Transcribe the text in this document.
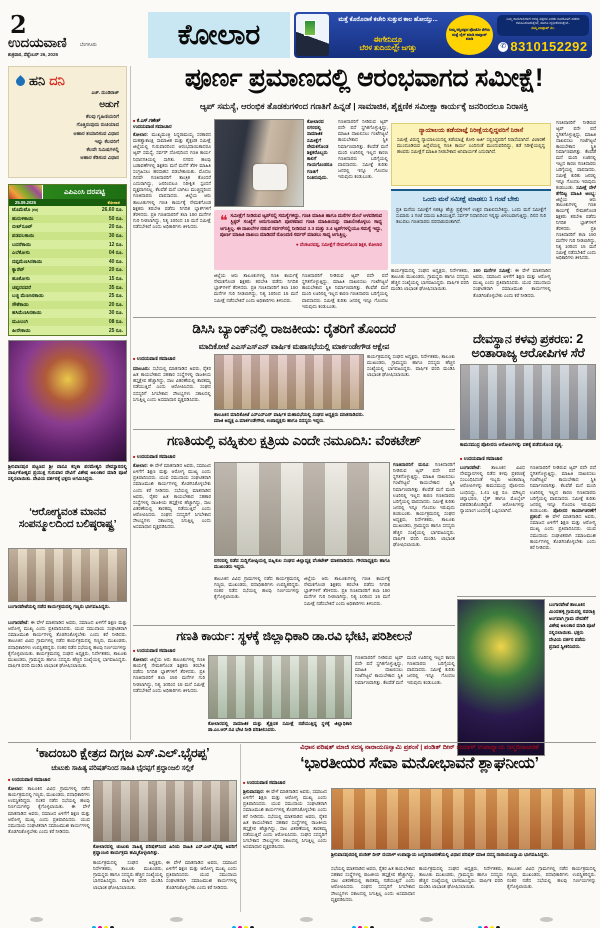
2
ಉದಯವಾಣಿ	ಬೆಂಗಳೂರು
ಶುಕ್ರವಾರ, ಸೆಪ್ಟೆಂಬರ್ 26, 2025
ಕೋಲಾರ	ಮತ್ತೆ ಕೊರೊನಾಕೆ ಕಚೇರಿ ಸುತ್ತುವ ಕಾಲ ಹೋಯ್ತು...
ಈಗೇನಿದ್ರೂ
ಬೆರಳ ತುದಿಯಲ್ಲೇ ಜಗತ್ತು
ನಿಮ್ಮ ಆಸ್ತಿಪತ್ರದ ಫೋಟೋ ತೆಗೆದು ಮತ್ತೆ ಲೈನ್ ಮಾಡಿ ವಾಟ್ಸಾಪ್ ಮಾಡಿ
ನಿಮ್ಮ ಕಾಮಗಾರಿಗಳಿಗೆ ಅಗತ್ಯ ಪತ್ರಗಳ ಎರಡು ದಿನದೊಳಗೆ ಪಡೆದು ಕಳುಹಿಸಿಕೊಡುತ್ತೇವೆ, ಹಾಗೂ ದೃಢೀಕರಿಸುತ್ತೇವೆ..
ನಮ್ಮ ವಾಟ್ಸಾಪ್ ನಂ.
✆ 8310152292
ಹನಿ ದನಿ
ಎಚ್. ದುಂಡಿರಾಜ್
ಅಡುಗೆ
ಕೆಲವು ಗೃಹಿಣಿಯರಿಗೆ
ಗೊತ್ತಿರುವುದು ರುಚಿಯಾದ
ಆಹಾರ ತಯಾರಿಸುವ ವಿಧಾನ
ಇನ್ನು ಕೆಲವರಿಗೆ
ಕೆಲವೇ ನಿಮಿಷಗಳಲ್ಲಿ
ಆಹಾರ ಕೆಡಿಸುವ ವಿಧಾನ
ಎಪಿಎಂಸಿ ದರಪಟ್ಟಿ
25.09.2025	ಕೋಲಾರ
ಟೊಮೆಟೊ (ಕೆಜಿ)	26.60 ರೂ.
ಹುರುಳಿಕಾಯಿ	50 ರೂ.
ಬೀಟ್‌ರೂಟ್	20 ರೂ.
ಪಡವಲಕಾಯಿ	30 ರೂ.
ಬದನೆಕಾಯಿ	12 ರೂ.
ಎಲೆಕೋಸು	04 ರೂ.
ದಪ್ಪಮೆಣಸಿನಕಾಯಿ	40 ರೂ.
ಕ್ಯಾರೆಟ್	20 ರೂ.
ಹೂಕೋಸು	15 ರೂ.
ಚಪ್ಪರದವರೆ	35 ರೂ.
ಬಜ್ಜಿ ಮೆಣಸಿನಕಾಯಿ	25 ರೂ.
ಸೌತೆಕಾಯಿ	20 ರೂ.
ಹಸಿಮೆಣಸಿನಕಾಯಿ	30 ರೂ.
ಮೂಲಂಗಿ	08 ರೂ.
ಹೀರೇಕಾಯಿ	25 ರೂ.
ಶ್ರೀನಿವಾಸಪುರ ಪಟ್ಟಣದ ಶ್ರೀ ವಾಸವಿ ಕನ್ನಿಕಾ ಪರಮೇಶ್ವರಿ ದೇವಸ್ಥಾನದಲ್ಲಿ ವಾರ್ಷಿಕೋತ್ಸವ ಪ್ರಯುಕ್ತ ಗುರುವಾರ ದೇವಿಗೆ ವಿಶೇಷ ಅಲಂಕಾರ ಮಾಡಿ ಪೂಜೆ ಸಲ್ಲಿಸಲಾಯಿತು. ದೇವಿಯ ದರ್ಶನಕ್ಕೆ ಭಕ್ತರು ಆಗಮಿಸಿದ್ದರು.
‘ಆರೋಗ್ಯವಂತ ಮಾನವ ಸಂಪನ್ಮೂಲದಿಂದ ಬಲಿಷ್ಠರಾಷ್ಟ್ರ’
ಬಂಗಾರಪೇಟೆಯಲ್ಲಿ ನಡೆದ ಕಾರ್ಯಕ್ರಮದಲ್ಲಿ ಗಣ್ಯರು ಭಾಗವಹಿಸಿದ್ದರು.
ಬಂಗಾರಪೇಟೆ: ಈ ವೇಳೆ ಮಾತನಾಡಿದ ಅವರು, ಸಮಾಜದ ಏಳಿಗೆಗೆ ಶಿಕ್ಷಣ ಮತ್ತು ಆರೋಗ್ಯ ಮುಖ್ಯ ಎಂದು ಪ್ರತಿಪಾದಿಸಿದರು. ಯುವ ಸಮುದಾಯ ಸಂಘಟಿತರಾಗಿ ಸಮಾಜಮುಖಿ ಕಾರ್ಯಗಳಲ್ಲಿ ತೊಡಗಿಸಿಕೊಳ್ಳಬೇಕು ಎಂದು ಕರೆ ನೀಡಿದರು. ತಾಲೂಕಿನ ವಿವಿಧ ಗ್ರಾಮಗಳಲ್ಲಿ ನಡೆದ ಕಾರ್ಯಕ್ರಮದಲ್ಲಿ ಗಣ್ಯರು, ಮುಖಂಡರು, ಪದಾಧಿಕಾರಿಗಳು ಉಪಸ್ಥಿತರಿದ್ದರು. ನಂತರ ನಡೆದ ಸಭೆಯಲ್ಲಿ ಹಲವು ನಿರ್ಣಯಗಳನ್ನು ಕೈಗೊಳ್ಳಲಾಯಿತು. ಕಾರ್ಯಕ್ರಮದಲ್ಲಿ ಸಂಘದ ಅಧ್ಯಕ್ಷರು, ನಿರ್ದೇಶಕರು, ತಾಲೂಕು ಮುಖಂಡರು, ಗ್ರಾಮಸ್ಥರು ಹಾಗೂ ಸದಸ್ಯರು ಹೆಚ್ಚಿನ ಸಂಖ್ಯೆಯಲ್ಲಿ ಭಾಗವಹಿಸಿದ್ದರು. ವಾರ್ಷಿಕ ವರದಿ ಮಂಡಿಸಿ ಲಾಭಾಂಶ ಘೋಷಿಸಲಾಯಿತು.
ಪೂರ್ಣ ಪ್ರಮಾಣದಲ್ಲಿ ಆರಂಭವಾಗದ ಸಮೀಕ್ಷೆ!
ಆ್ಯಪ್ ಸಮಸ್ಯೆ, ಆರಂಭಿಕ ತೊಡಕುಗಳಿಂದ ಗಣತಿಗೆ ಹಿನ್ನಡೆ | ಸಾಮಾಜಿಕ, ಶೈಕ್ಷಣಿಕ ಸಮೀಕ್ಷಾ ಕಾರ್ಯಕ್ಕೆ ಜನರಿಂದಲೂ ನಿರಾಸಕ್ತಿ
■ ಕೆ.ಎಸ್.ಗಣೇಶ್
ಉದಯವಾಣಿ ಸಮಾಚಾರ
ಕೋಲಾರ: ಮುಖ್ಯಮಂತ್ರಿ ಸಿದ್ದರಾಮಯ್ಯ ಸರಕಾರದ ಮಹತ್ವಾಕಾಂಕ್ಷಿ ಸಾಮಾಜಿಕ ಮತ್ತು ಶೈಕ್ಷಣಿಕ ಸಮೀಕ್ಷೆ ಜಿಲ್ಲೆಯಲ್ಲಿ ಗುರುವಾರದಿಂದ ಆರಂಭವಾಯಿತಾದರೂ ಆ್ಯಪ್ ಸಮಸ್ಯೆ, ಸರ್ವರ್ ದೋಷದಿಂದ ಗಣತಿ ಕಾರ್ಯ ನಿಧಾನಗತಿಯಲ್ಲಿ ಸಾಗಿತು. ನಗರದ ಹಲವು ಬಡಾವಣೆಗಳಲ್ಲಿ ಶಿಕ್ಷಕರು ಮನೆ ಮನೆಗೆ ತೆರಳಿ ಮಾಹಿತಿ ಸಂಗ್ರಹಿಸಲು ಹರಸಾಹಸ ಪಡಬೇಕಾಯಿತು. ಮೊದಲ ದಿನವೇ ಗಣತಿದಾರರಿಗೆ ತಾಂತ್ರಿಕ ತೊಂದರೆ ಎದುರಾಗಿದ್ದು, ಜನರಿಂದಲೂ ನಿರೀಕ್ಷಿತ ಸ್ಪಂದನೆ ವ್ಯಕ್ತವಾಗಲಿಲ್ಲ. ಕೆಲವೆಡೆ ಮನೆ ಬಾಗಿಲು ಮುಚ್ಚಿದ್ದರಿಂದ ಗಣತಿದಾರರು ವಾಪಸಾದರು. ಜಿಲ್ಲೆಯ ಆರು ತಾಲೂಕುಗಳಲ್ಲಿ ಗಣತಿ ಕಾರ್ಯಕ್ಕೆ ನೇಮಕಗೊಂಡ ಶಿಕ್ಷಕರು ತರಬೇತಿ ಪಡೆದು ನಿಗದಿತ ಬ್ಲಾಕ್‌ಗಳಿಗೆ ತೆರಳಿದರು. ಪ್ರತಿ ಗಣತಿದಾರರಿಗೆ ತಲಾ 150 ಮನೆಗಳ ಗುರಿ ನೀಡಲಾಗಿದ್ದು, ನಿತ್ಯ 10ರಿಂದ 15 ಮನೆ ಸಮೀಕ್ಷೆ ನಡೆಸಬೇಕಿದೆ ಎಂದು ಅಧಿಕಾರಿಗಳು ತಿಳಿಸಿದರು.
ಕೋಲಾರದ ನಗರದಲ್ಲಿ ಸಾಮಾಜಿಕ ಸಮೀಕ್ಷೆಗೆ ನೇಮಕಗೊಂಡ ಶಿಕ್ಷಕರೊಬ್ಬರು ಕಾಲಿಗೆ ಗಾಯಗೊಂಡರೂ ಗಣತಿಗೆ ನಿಂತಿರುವುದು.
ಗಣತಿದಾರರಿಗೆ ನೀಡಿರುವ ಆ್ಯಪ್ ಪದೇ ಪದೆ ಸ್ಥಗಿತಗೊಳ್ಳುತ್ತಿದ್ದು, ಮಾಹಿತಿ ದಾಖಲಿಸಲು ಗಂಟೆಗಟ್ಟಲೆ ಕಾಯಬೇಕಾದ ಸ್ಥಿತಿ ನಿರ್ಮಾಣವಾಗಿತ್ತು. ಕೆಲವೆಡೆ ಮನೆ ಮಂದಿ ಊರಿನಲ್ಲಿ ಇಲ್ಲದ ಕಾರಣ ಗಣತಿದಾರರು ಬರಿಗೈಯಲ್ಲಿ ವಾಪಸಾದರು. ಸಮೀಕ್ಷೆ ಕುರಿತು ಜನರಲ್ಲಿ ಇನ್ನೂ ಗೊಂದಲ ಇರುವುದು ಕಂಡುಬಂತು.
❝ ಸಮೀಕ್ಷೆಗೆ ನೀಡಿರುವ ಆ್ಯಪ್‌ನಲ್ಲಿ ಸಮಸ್ಯೆಗಳಿದ್ದು, ಗಣತಿ ಮಾಹಿತಿ ಹಾಗೂ ಮನೆಗಳ ಮೇಲೆ ಅಳವಡಿಸುವ ಸ್ಟಿಕ್ಕರ್ ಸಂಖ್ಯೆಗೆ ಅನುಗುಣವಾಗಿ ಪೂರಕವಾದ ಗಣತಿ ಮಾಹಿತಿಯನ್ನು ದಾಖಲಿಸಿಕೊಳ್ಳಲು ಸಾಧ್ಯ ಆಗುತ್ತಿಲ್ಲ. ಈ ದಾಖಲೆಗಳ ನಡುವೆ ಸರ್ವರ್‌ನಲ್ಲಿ ನೀಡಿರುವ 3.3 ಮತ್ತು 3.4 ಆ್ಯಪ್‌ಗಳಲ್ಲಿಯೂ ಸಮಸ್ಯೆ ಇದ್ದು, ಪೂರ್ಣ ಮಾಹಿತಿ ದಾಖಲು ಮಾಡಿದರೆ ನೋಂದಣಿ ಸರ್ವರ್ ಮಾಡಲು ಸಾಧ್ಯ ಆಗುತ್ತಿಲ್ಲ.
● ವೆಂಕಟರವಪ್ಪ, ಸಮೀಕ್ಷೆಗೆ ನೇಮಕಗೊಂಡ ಶಿಕ್ಷಕ, ಕೋಲಾರ
ಜಿಲ್ಲೆಯ ಆರು ತಾಲೂಕುಗಳಲ್ಲಿ ಗಣತಿ ಕಾರ್ಯಕ್ಕೆ ನೇಮಕಗೊಂಡ ಶಿಕ್ಷಕರು ತರಬೇತಿ ಪಡೆದು ನಿಗದಿತ ಬ್ಲಾಕ್‌ಗಳಿಗೆ ತೆರಳಿದರು. ಪ್ರತಿ ಗಣತಿದಾರರಿಗೆ ತಲಾ 150 ಮನೆಗಳ ಗುರಿ ನೀಡಲಾಗಿದ್ದು, ನಿತ್ಯ 10ರಿಂದ 15 ಮನೆ ಸಮೀಕ್ಷೆ ನಡೆಸಬೇಕಿದೆ ಎಂದು ಅಧಿಕಾರಿಗಳು ತಿಳಿಸಿದರು.
ಗಣತಿದಾರರಿಗೆ ನೀಡಿರುವ ಆ್ಯಪ್ ಪದೇ ಪದೆ ಸ್ಥಗಿತಗೊಳ್ಳುತ್ತಿದ್ದು, ಮಾಹಿತಿ ದಾಖಲಿಸಲು ಗಂಟೆಗಟ್ಟಲೆ ಕಾಯಬೇಕಾದ ಸ್ಥಿತಿ ನಿರ್ಮಾಣವಾಗಿತ್ತು. ಕೆಲವೆಡೆ ಮನೆ ಮಂದಿ ಊರಿನಲ್ಲಿ ಇಲ್ಲದ ಕಾರಣ ಗಣತಿದಾರರು ಬರಿಗೈಯಲ್ಲಿ ವಾಪಸಾದರು. ಸಮೀಕ್ಷೆ ಕುರಿತು ಜನರಲ್ಲಿ ಇನ್ನೂ ಗೊಂದಲ ಇರುವುದು ಕಂಡುಬಂತು.
ನ್ಯಾಯಾಲಯ ತಡೆಯಾಜ್ಞೆ ನಿರೀಕ್ಷೆಯಲ್ಲಿದ್ದವರಿಗೆ ನಿರಾಸೆ
ಸಮೀಕ್ಷೆ ವಿರುದ್ಧ ನ್ಯಾಯಾಲಯದಲ್ಲಿ ತಡೆಯಾಜ್ಞೆ ಕೋರಿ ಅರ್ಜಿ ಸಲ್ಲಿಸಿದ್ದವರಿಗೆ ನಿರಾಸೆಯಾಗಿದೆ. ವಿಚಾರಣೆ ಮುಂದೂಡಿರುವ ಹಿನ್ನೆಲೆಯಲ್ಲಿ ಗಣತಿ ಕಾರ್ಯ ಎಂದಿನಂತೆ ಮುಂದುವರಿದಿದ್ದು, ತಡೆ ನಿರೀಕ್ಷೆಯಲ್ಲಿದ್ದ ಹಲವರು ಸಮೀಕ್ಷೆಗೆ ಮಾಹಿತಿ ನೀಡಬೇಕಾದ ಅನಿವಾರ್ಯತೆ ಎದುರಾಗಿದೆ.
ಒಂದು ಮನೆ ಸಮೀಕ್ಷೆ ಮಾಡಲು 1 ಗಂಟೆ ಬೇಕು
ಪ್ರತಿ ಮನೆಯ ಸಮೀಕ್ಷೆಗೆ 60ಕ್ಕೂ ಹೆಚ್ಚು ಪ್ರಶ್ನೆಗಳಿಗೆ ಉತ್ತರ ದಾಖಲಿಸಬೇಕಿದ್ದು, ಒಂದು ಮನೆ ಸಮೀಕ್ಷೆಗೆ ಸುಮಾರು 1 ಗಂಟೆ ಸಮಯ ಹಿಡಿಯುತ್ತಿದೆ. ಸರ್ವರ್ ನಿಧಾನದಿಂದ ಇನ್ನಷ್ಟು ವಿಳಂಬವಾಗುತ್ತಿದ್ದು, ದಿನದ ಗುರಿ ತಲುಪಲು ಗಣತಿದಾರರು ಪರದಾಡುವಂತಾಗಿದೆ.
ಕಾರ್ಯಕ್ರಮದಲ್ಲಿ ಸಂಘದ ಅಧ್ಯಕ್ಷರು, ನಿರ್ದೇಶಕರು, ತಾಲೂಕು ಮುಖಂಡರು, ಗ್ರಾಮಸ್ಥರು ಹಾಗೂ ಸದಸ್ಯರು ಹೆಚ್ಚಿನ ಸಂಖ್ಯೆಯಲ್ಲಿ ಭಾಗವಹಿಸಿದ್ದರು. ವಾರ್ಷಿಕ ವರದಿ ಮಂಡಿಸಿ ಲಾಭಾಂಶ ಘೋಷಿಸಲಾಯಿತು.
150 ಮನೆಗಳ ಸಮೀಕ್ಷೆ: ಈ ವೇಳೆ ಮಾತನಾಡಿದ ಅವರು, ಸಮಾಜದ ಏಳಿಗೆಗೆ ಶಿಕ್ಷಣ ಮತ್ತು ಆರೋಗ್ಯ ಮುಖ್ಯ ಎಂದು ಪ್ರತಿಪಾದಿಸಿದರು. ಯುವ ಸಮುದಾಯ ಸಂಘಟಿತರಾಗಿ ಸಮಾಜಮುಖಿ ಕಾರ್ಯಗಳಲ್ಲಿ ತೊಡಗಿಸಿಕೊಳ್ಳಬೇಕು ಎಂದು ಕರೆ ನೀಡಿದರು.
ಗಣತಿದಾರರಿಗೆ ನೀಡಿರುವ ಆ್ಯಪ್ ಪದೇ ಪದೆ ಸ್ಥಗಿತಗೊಳ್ಳುತ್ತಿದ್ದು, ಮಾಹಿತಿ ದಾಖಲಿಸಲು ಗಂಟೆಗಟ್ಟಲೆ ಕಾಯಬೇಕಾದ ಸ್ಥಿತಿ ನಿರ್ಮಾಣವಾಗಿತ್ತು. ಕೆಲವೆಡೆ ಮನೆ ಮಂದಿ ಊರಿನಲ್ಲಿ ಇಲ್ಲದ ಕಾರಣ ಗಣತಿದಾರರು ಬರಿಗೈಯಲ್ಲಿ ವಾಪಸಾದರು. ಸಮೀಕ್ಷೆ ಕುರಿತು ಜನರಲ್ಲಿ ಇನ್ನೂ ಗೊಂದಲ ಇರುವುದು ಕಂಡುಬಂತು. ಸಮೀಕ್ಷೆ ವೇಳೆ ತೆಗೆದಿಟ್ಟ ಮಾಹಿತಿ ಅಲಭ್ಯ: ಜಿಲ್ಲೆಯ ಆರು ತಾಲೂಕುಗಳಲ್ಲಿ ಗಣತಿ ಕಾರ್ಯಕ್ಕೆ ನೇಮಕಗೊಂಡ ಶಿಕ್ಷಕರು ತರಬೇತಿ ಪಡೆದು ನಿಗದಿತ ಬ್ಲಾಕ್‌ಗಳಿಗೆ ತೆರಳಿದರು. ಪ್ರತಿ ಗಣತಿದಾರರಿಗೆ ತಲಾ 150 ಮನೆಗಳ ಗುರಿ ನೀಡಲಾಗಿದ್ದು, ನಿತ್ಯ 10ರಿಂದ 15 ಮನೆ ಸಮೀಕ್ಷೆ ನಡೆಸಬೇಕಿದೆ ಎಂದು ಅಧಿಕಾರಿಗಳು ತಿಳಿಸಿದರು.
ಡಿಸಿಸಿ ಬ್ಯಾಂಕ್‌ನಲ್ಲಿ ರಾಜಕೀಯ: ರೈತರಿಗೆ ತೊಂದರೆ
ಮಾದಿಕೋಟೆ ಎಎಸ್‌ಎಸ್‌ಎನ್ ವಾರ್ಷಿಕ ಮಹಾಸಭೆಯಲ್ಲಿ ಮಾರ್ಕಂಡೇಗೌಡ ಆಕ್ಷೇಪ
■ ಉದಯವಾಣಿ ಸಮಾಚಾರ
ಮಾಲೂರು: ಸಭೆಯಲ್ಲಿ ಮಾತನಾಡಿದ ಅವರು, ರೈತರ ಹಿತ ಕಾಯಬೇಕಾದ ಸಹಕಾರ ಸಂಸ್ಥೆಗಳಲ್ಲಿ ರಾಜಕೀಯ ಹಸ್ತಕ್ಷೇಪ ಹೆಚ್ಚಾಗಿದ್ದು, ಸಾಲ ವಿತರಣೆಯಲ್ಲಿ ತಾರತಮ್ಯ ನಡೆಯುತ್ತಿದೆ ಎಂದು ಆರೋಪಿಸಿದರು. ಸಂಘದ ಸದಸ್ಯರಿಗೆ ಸಿಗಬೇಕಾದ ಸೌಲಭ್ಯಗಳು ಸಕಾಲದಲ್ಲಿ ಸಿಗುತ್ತಿಲ್ಲ ಎಂದು ಅಸಮಾಧಾನ ವ್ಯಕ್ತಪಡಿಸಿದರು.
ತಾಲೂಕಿನ ಮಾದಿಕೋಟೆ ಎಸ್‌ಎಸ್‌ಎನ್ ವಾರ್ಷಿಕ ಮಹಾಸಭೆಯಲ್ಲಿ ಸಂಘದ ಅಧ್ಯಕ್ಷರು ಮಾತನಾಡಿದರು. ಮಾಜಿ ಅಧ್ಯಕ್ಷ ಎ.ಮಾರ್ಕಂಡೇಗೌಡ, ಉಪಾಧ್ಯಕ್ಷರು ಹಾಗೂ ಸದಸ್ಯರು ಇದ್ದರು.
ಕಾರ್ಯಕ್ರಮದಲ್ಲಿ ಸಂಘದ ಅಧ್ಯಕ್ಷರು, ನಿರ್ದೇಶಕರು, ತಾಲೂಕು ಮುಖಂಡರು, ಗ್ರಾಮಸ್ಥರು ಹಾಗೂ ಸದಸ್ಯರು ಹೆಚ್ಚಿನ ಸಂಖ್ಯೆಯಲ್ಲಿ ಭಾಗವಹಿಸಿದ್ದರು. ವಾರ್ಷಿಕ ವರದಿ ಮಂಡಿಸಿ ಲಾಭಾಂಶ ಘೋಷಿಸಲಾಯಿತು.
ದೇವಸ್ಥಾನ ಕಳವು ಪ್ರಕರಣ: 2 ಅಂತಾರಾಜ್ಯ ಆರೋಪಿಗಳ ಸೆರೆ
ಕಾಮಸಮುದ್ರ ಪೊಲೀಸರು ಆರೋಪಿಗಳನ್ನು ವಶಕ್ಕೆ ಪಡೆದುಕೊಂಡ ದೃಶ್ಯ.
■ ಉದಯವಾಣಿ ಸಮಾಚಾರ
ಬಂಗಾರಪೇಟೆ: ತಾಲೂಕಿನ ವಿವಿಧ ದೇವಸ್ಥಾನಗಳಲ್ಲಿ ನಡೆದ ಕಳವು ಪ್ರಕರಣಕ್ಕೆ ಸಂಬಂಧಿಸಿದಂತೆ ಇಬ್ಬರು ಅಂತಾರಾಜ್ಯ ಆರೋಪಿಗಳನ್ನು ಕಾಮಸಮುದ್ರ ಪೊಲೀಸರು ಬಂಧಿಸಿದ್ದು, 1.41 ಲಕ್ಷ ರೂ. ಮೌಲ್ಯದ ಚಿನ್ನಾಭರಣ, ಬೈಕ್ ಹಾಗೂ ಮೊಬೈಲ್ ವಶಪಡಿಸಿಕೊಂಡಿದ್ದಾರೆ. ಆರೋಪಿಗಳನ್ನು ನ್ಯಾಯಾಂಗ ಬಂಧನಕ್ಕೆ ಒಪ್ಪಿಸಲಾಗಿದೆ.
ಗಣತಿದಾರರಿಗೆ ನೀಡಿರುವ ಆ್ಯಪ್ ಪದೇ ಪದೆ ಸ್ಥಗಿತಗೊಳ್ಳುತ್ತಿದ್ದು, ಮಾಹಿತಿ ದಾಖಲಿಸಲು ಗಂಟೆಗಟ್ಟಲೆ ಕಾಯಬೇಕಾದ ಸ್ಥಿತಿ ನಿರ್ಮಾಣವಾಗಿತ್ತು. ಕೆಲವೆಡೆ ಮನೆ ಮಂದಿ ಊರಿನಲ್ಲಿ ಇಲ್ಲದ ಕಾರಣ ಗಣತಿದಾರರು ಬರಿಗೈಯಲ್ಲಿ ವಾಪಸಾದರು. ಸಮೀಕ್ಷೆ ಕುರಿತು ಜನರಲ್ಲಿ ಇನ್ನೂ ಗೊಂದಲ ಇರುವುದು ಕಂಡುಬಂತು. ಪೊಲೀಸರ ಕಾರ್ಯಾಚರಣೆಗೆ ಪ್ರಶಂಸೆ: ಈ ವೇಳೆ ಮಾತನಾಡಿದ ಅವರು, ಸಮಾಜದ ಏಳಿಗೆಗೆ ಶಿಕ್ಷಣ ಮತ್ತು ಆರೋಗ್ಯ ಮುಖ್ಯ ಎಂದು ಪ್ರತಿಪಾದಿಸಿದರು. ಯುವ ಸಮುದಾಯ ಸಂಘಟಿತರಾಗಿ ಸಮಾಜಮುಖಿ ಕಾರ್ಯಗಳಲ್ಲಿ ತೊಡಗಿಸಿಕೊಳ್ಳಬೇಕು ಎಂದು ಕರೆ ನೀಡಿದರು.
ಗಣತಿಯಲ್ಲಿ ವಹ್ನಿಕುಲ ಕ್ಷತ್ರಿಯ ಎಂದೇ ನಮೂದಿಸಿ: ವೆಂಕಟೇಶ್
■ ಉದಯವಾಣಿ ಸಮಾಚಾರ
ಕೋಲಾರ: ಈ ವೇಳೆ ಮಾತನಾಡಿದ ಅವರು, ಸಮಾಜದ ಏಳಿಗೆಗೆ ಶಿಕ್ಷಣ ಮತ್ತು ಆರೋಗ್ಯ ಮುಖ್ಯ ಎಂದು ಪ್ರತಿಪಾದಿಸಿದರು. ಯುವ ಸಮುದಾಯ ಸಂಘಟಿತರಾಗಿ ಸಮಾಜಮುಖಿ ಕಾರ್ಯಗಳಲ್ಲಿ ತೊಡಗಿಸಿಕೊಳ್ಳಬೇಕು ಎಂದು ಕರೆ ನೀಡಿದರು. ಸಭೆಯಲ್ಲಿ ಮಾತನಾಡಿದ ಅವರು, ರೈತರ ಹಿತ ಕಾಯಬೇಕಾದ ಸಹಕಾರ ಸಂಸ್ಥೆಗಳಲ್ಲಿ ರಾಜಕೀಯ ಹಸ್ತಕ್ಷೇಪ ಹೆಚ್ಚಾಗಿದ್ದು, ಸಾಲ ವಿತರಣೆಯಲ್ಲಿ ತಾರತಮ್ಯ ನಡೆಯುತ್ತಿದೆ ಎಂದು ಆರೋಪಿಸಿದರು. ಸಂಘದ ಸದಸ್ಯರಿಗೆ ಸಿಗಬೇಕಾದ ಸೌಲಭ್ಯಗಳು ಸಕಾಲದಲ್ಲಿ ಸಿಗುತ್ತಿಲ್ಲ ಎಂದು ಅಸಮಾಧಾನ ವ್ಯಕ್ತಪಡಿಸಿದರು.
ನಗರದಲ್ಲಿ ನಡೆದ ಸುದ್ದಿಗೋಷ್ಠಿಯಲ್ಲಿ ವಹ್ನಿಕುಲ ಸಂಘದ ಜಿಲ್ಲಾಧ್ಯಕ್ಷ ವೆಂಕಟೇಶ್ ಮಾತನಾಡಿದರು. ಗೌರವಾಧ್ಯಕ್ಷರು ಹಾಗೂ ಮುಖಂಡರು ಇದ್ದರು.
ತಾಲೂಕಿನ ವಿವಿಧ ಗ್ರಾಮಗಳಲ್ಲಿ ನಡೆದ ಕಾರ್ಯಕ್ರಮದಲ್ಲಿ ಗಣ್ಯರು, ಮುಖಂಡರು, ಪದಾಧಿಕಾರಿಗಳು ಉಪಸ್ಥಿತರಿದ್ದರು. ನಂತರ ನಡೆದ ಸಭೆಯಲ್ಲಿ ಹಲವು ನಿರ್ಣಯಗಳನ್ನು ಕೈಗೊಳ್ಳಲಾಯಿತು.
ಜಿಲ್ಲೆಯ ಆರು ತಾಲೂಕುಗಳಲ್ಲಿ ಗಣತಿ ಕಾರ್ಯಕ್ಕೆ ನೇಮಕಗೊಂಡ ಶಿಕ್ಷಕರು ತರಬೇತಿ ಪಡೆದು ನಿಗದಿತ ಬ್ಲಾಕ್‌ಗಳಿಗೆ ತೆರಳಿದರು. ಪ್ರತಿ ಗಣತಿದಾರರಿಗೆ ತಲಾ 150 ಮನೆಗಳ ಗುರಿ ನೀಡಲಾಗಿದ್ದು, ನಿತ್ಯ 10ರಿಂದ 15 ಮನೆ ಸಮೀಕ್ಷೆ ನಡೆಸಬೇಕಿದೆ ಎಂದು ಅಧಿಕಾರಿಗಳು ತಿಳಿಸಿದರು.
ಗಣತಿದಾರರಿಗೆ ಮನವಿ: ಗಣತಿದಾರರಿಗೆ ನೀಡಿರುವ ಆ್ಯಪ್ ಪದೇ ಪದೆ ಸ್ಥಗಿತಗೊಳ್ಳುತ್ತಿದ್ದು, ಮಾಹಿತಿ ದಾಖಲಿಸಲು ಗಂಟೆಗಟ್ಟಲೆ ಕಾಯಬೇಕಾದ ಸ್ಥಿತಿ ನಿರ್ಮಾಣವಾಗಿತ್ತು. ಕೆಲವೆಡೆ ಮನೆ ಮಂದಿ ಊರಿನಲ್ಲಿ ಇಲ್ಲದ ಕಾರಣ ಗಣತಿದಾರರು ಬರಿಗೈಯಲ್ಲಿ ವಾಪಸಾದರು. ಸಮೀಕ್ಷೆ ಕುರಿತು ಜನರಲ್ಲಿ ಇನ್ನೂ ಗೊಂದಲ ಇರುವುದು ಕಂಡುಬಂತು. ಕಾರ್ಯಕ್ರಮದಲ್ಲಿ ಸಂಘದ ಅಧ್ಯಕ್ಷರು, ನಿರ್ದೇಶಕರು, ತಾಲೂಕು ಮುಖಂಡರು, ಗ್ರಾಮಸ್ಥರು ಹಾಗೂ ಸದಸ್ಯರು ಹೆಚ್ಚಿನ ಸಂಖ್ಯೆಯಲ್ಲಿ ಭಾಗವಹಿಸಿದ್ದರು. ವಾರ್ಷಿಕ ವರದಿ ಮಂಡಿಸಿ ಲಾಭಾಂಶ ಘೋಷಿಸಲಾಯಿತು.
ಗಣತಿ ಕಾರ್ಯ: ಸ್ಥಳಕ್ಕೆ ಜಿಲ್ಲಾಧಿಕಾರಿ ಡಾ.ರವಿ ಭೇಟಿ, ಪರಿಶೀಲನೆ
■ ಉದಯವಾಣಿ ಸಮಾಚಾರ
ಕೋಲಾರ: ಜಿಲ್ಲೆಯ ಆರು ತಾಲೂಕುಗಳಲ್ಲಿ ಗಣತಿ ಕಾರ್ಯಕ್ಕೆ ನೇಮಕಗೊಂಡ ಶಿಕ್ಷಕರು ತರಬೇತಿ ಪಡೆದು ನಿಗದಿತ ಬ್ಲಾಕ್‌ಗಳಿಗೆ ತೆರಳಿದರು. ಪ್ರತಿ ಗಣತಿದಾರರಿಗೆ ತಲಾ 150 ಮನೆಗಳ ಗುರಿ ನೀಡಲಾಗಿದ್ದು, ನಿತ್ಯ 10ರಿಂದ 15 ಮನೆ ಸಮೀಕ್ಷೆ ನಡೆಸಬೇಕಿದೆ ಎಂದು ಅಧಿಕಾರಿಗಳು ತಿಳಿಸಿದರು.
ಕೋಲಾರದಲ್ಲಿ ಸಾಮಾಜಿಕ ಮತ್ತು ಶೈಕ್ಷಣಿಕ ಸಮೀಕ್ಷೆ ನಡೆಯುತ್ತಿದ್ದ ಸ್ಥಳಕ್ಕೆ ಜಿಲ್ಲಾಧಿಕಾರಿ ಡಾ.ಎಂ.ಆರ್.ರವಿ ಭೇಟಿ ನೀಡಿ ಪರಿಶೀಲಿಸಿದರು.
ಗಣತಿದಾರರಿಗೆ ನೀಡಿರುವ ಆ್ಯಪ್ ಪದೇ ಪದೆ ಸ್ಥಗಿತಗೊಳ್ಳುತ್ತಿದ್ದು, ಮಾಹಿತಿ ದಾಖಲಿಸಲು ಗಂಟೆಗಟ್ಟಲೆ ಕಾಯಬೇಕಾದ ಸ್ಥಿತಿ ನಿರ್ಮಾಣವಾಗಿತ್ತು. ಕೆಲವೆಡೆ ಮನೆ ಮಂದಿ ಊರಿನಲ್ಲಿ ಇಲ್ಲದ ಕಾರಣ ಗಣತಿದಾರರು ಬರಿಗೈಯಲ್ಲಿ ವಾಪಸಾದರು. ಸಮೀಕ್ಷೆ ಕುರಿತು ಜನರಲ್ಲಿ ಇನ್ನೂ ಗೊಂದಲ ಇರುವುದು ಕಂಡುಬಂತು.
ಬಂಗಾರಪೇಟೆ ತಾಲೂಕಿನ ಮಿಂದಹಳ್ಳಿ ಗ್ರಾಮದಲ್ಲಿ ನವರಾತ್ರಿ ಅಂಗವಾಗಿ ಗ್ರಾಮ ದೇವತೆಗೆ ವಿಶೇಷ ಅಲಂಕಾರ ಮಾಡಿ ಪೂಜೆ ಸಲ್ಲಿಸಲಾಯಿತು. ಭಕ್ತರು ದೇವಿಯ ದರ್ಶನ ಪಡೆದು ಪ್ರಸಾದ ಸ್ವೀಕರಿಸಿದರು.
‘ಕಾದಂಬರಿ ಕ್ಷೇತ್ರದ ದಿಗ್ಗಜ ಎಸ್.ಎಲ್.ಭೈರಪ್ಪ’
ಚುಟುಕು ಸಾಹಿತ್ಯ ಪರಿಷತ್‌ನಿಂದ ಸಾಹಿತಿ ಭೈರಪ್ಪಗೆ ಶ್ರದ್ಧಾಂಜಲಿ ಸಲ್ಲಿಕೆ
■ ಉದಯವಾಣಿ ಸಮಾಚಾರ
ಕೋಲಾರ: ತಾಲೂಕಿನ ವಿವಿಧ ಗ್ರಾಮಗಳಲ್ಲಿ ನಡೆದ ಕಾರ್ಯಕ್ರಮದಲ್ಲಿ ಗಣ್ಯರು, ಮುಖಂಡರು, ಪದಾಧಿಕಾರಿಗಳು ಉಪಸ್ಥಿತರಿದ್ದರು. ನಂತರ ನಡೆದ ಸಭೆಯಲ್ಲಿ ಹಲವು ನಿರ್ಣಯಗಳನ್ನು ಕೈಗೊಳ್ಳಲಾಯಿತು. ಈ ವೇಳೆ ಮಾತನಾಡಿದ ಅವರು, ಸಮಾಜದ ಏಳಿಗೆಗೆ ಶಿಕ್ಷಣ ಮತ್ತು ಆರೋಗ್ಯ ಮುಖ್ಯ ಎಂದು ಪ್ರತಿಪಾದಿಸಿದರು. ಯುವ ಸಮುದಾಯ ಸಂಘಟಿತರಾಗಿ ಸಮಾಜಮುಖಿ ಕಾರ್ಯಗಳಲ್ಲಿ ತೊಡಗಿಸಿಕೊಳ್ಳಬೇಕು ಎಂದು ಕರೆ ನೀಡಿದರು.
ಕೋಲಾರದಲ್ಲಿ ಚುಟುಕು ಸಾಹಿತ್ಯ ಪರಿಷತ್‌ನಿಂದ ಹಿರಿಯ ಸಾಹಿತಿ ಎಸ್.ಎಲ್.ಭೈರಪ್ಪ ಅವರಿಗೆ ಶ್ರದ್ಧಾಂಜಲಿ ಕಾರ್ಯಕ್ರಮ ಹಮ್ಮಿಕೊಳ್ಳಲಾಗಿತ್ತು.
ಕಾರ್ಯಕ್ರಮದಲ್ಲಿ ಸಂಘದ ಅಧ್ಯಕ್ಷರು, ನಿರ್ದೇಶಕರು, ತಾಲೂಕು ಮುಖಂಡರು, ಗ್ರಾಮಸ್ಥರು ಹಾಗೂ ಸದಸ್ಯರು ಹೆಚ್ಚಿನ ಸಂಖ್ಯೆಯಲ್ಲಿ ಭಾಗವಹಿಸಿದ್ದರು. ವಾರ್ಷಿಕ ವರದಿ ಮಂಡಿಸಿ ಲಾಭಾಂಶ ಘೋಷಿಸಲಾಯಿತು.
ಈ ವೇಳೆ ಮಾತನಾಡಿದ ಅವರು, ಸಮಾಜದ ಏಳಿಗೆಗೆ ಶಿಕ್ಷಣ ಮತ್ತು ಆರೋಗ್ಯ ಮುಖ್ಯ ಎಂದು ಪ್ರತಿಪಾದಿಸಿದರು. ಯುವ ಸಮುದಾಯ ಸಂಘಟಿತರಾಗಿ ಸಮಾಜಮುಖಿ ಕಾರ್ಯಗಳಲ್ಲಿ ತೊಡಗಿಸಿಕೊಳ್ಳಬೇಕು ಎಂದು ಕರೆ ನೀಡಿದರು.
ವಿಧಾನ ಪರಿಷತ್ ಮಾಜಿ ಸದಸ್ಯ ನಾರಾಯಣಸ್ವಾಮಿ ಪ್ರಶಂಸೆ | ಪಂಡಿತ್ ದೀನ್ ದಯಾಳ್ ಉಪಾಧ್ಯಾಯ ಜನ್ಮದಿನಾಚರಣೆ
‘ಭಾರತೀಯರ ಸೇವಾ ಮನೋಭಾವನೆ ಶ್ಲಾಘನೀಯ’
■ ಉದಯವಾಣಿ ಸಮಾಚಾರ
ಶ್ರೀನಿವಾಸಪುರ: ಈ ವೇಳೆ ಮಾತನಾಡಿದ ಅವರು, ಸಮಾಜದ ಏಳಿಗೆಗೆ ಶಿಕ್ಷಣ ಮತ್ತು ಆರೋಗ್ಯ ಮುಖ್ಯ ಎಂದು ಪ್ರತಿಪಾದಿಸಿದರು. ಯುವ ಸಮುದಾಯ ಸಂಘಟಿತರಾಗಿ ಸಮಾಜಮುಖಿ ಕಾರ್ಯಗಳಲ್ಲಿ ತೊಡಗಿಸಿಕೊಳ್ಳಬೇಕು ಎಂದು ಕರೆ ನೀಡಿದರು. ಸಭೆಯಲ್ಲಿ ಮಾತನಾಡಿದ ಅವರು, ರೈತರ ಹಿತ ಕಾಯಬೇಕಾದ ಸಹಕಾರ ಸಂಸ್ಥೆಗಳಲ್ಲಿ ರಾಜಕೀಯ ಹಸ್ತಕ್ಷೇಪ ಹೆಚ್ಚಾಗಿದ್ದು, ಸಾಲ ವಿತರಣೆಯಲ್ಲಿ ತಾರತಮ್ಯ ನಡೆಯುತ್ತಿದೆ ಎಂದು ಆರೋಪಿಸಿದರು. ಸಂಘದ ಸದಸ್ಯರಿಗೆ ಸಿಗಬೇಕಾದ ಸೌಲಭ್ಯಗಳು ಸಕಾಲದಲ್ಲಿ ಸಿಗುತ್ತಿಲ್ಲ ಎಂದು ಅಸಮಾಧಾನ ವ್ಯಕ್ತಪಡಿಸಿದರು.
ಶ್ರೀನಿವಾಸಪುರದಲ್ಲಿ ಪಂಡಿತ್ ದೀನ್ ದಯಾಳ್ ಉಪಾಧ್ಯಾಯ ಜನ್ಮದಿನಾಚರಣೆಯಲ್ಲಿ ವಿಧಾನ ಪರಿಷತ್ ಮಾಜಿ ಸದಸ್ಯ ನಾರಾಯಣಸ್ವಾಮಿ ಭಾಗವಹಿಸಿದ್ದರು.
ಸಭೆಯಲ್ಲಿ ಮಾತನಾಡಿದ ಅವರು, ರೈತರ ಹಿತ ಕಾಯಬೇಕಾದ ಸಹಕಾರ ಸಂಸ್ಥೆಗಳಲ್ಲಿ ರಾಜಕೀಯ ಹಸ್ತಕ್ಷೇಪ ಹೆಚ್ಚಾಗಿದ್ದು, ಸಾಲ ವಿತರಣೆಯಲ್ಲಿ ತಾರತಮ್ಯ ನಡೆಯುತ್ತಿದೆ ಎಂದು ಆರೋಪಿಸಿದರು. ಸಂಘದ ಸದಸ್ಯರಿಗೆ ಸಿಗಬೇಕಾದ ಸೌಲಭ್ಯಗಳು ಸಕಾಲದಲ್ಲಿ ಸಿಗುತ್ತಿಲ್ಲ ಎಂದು ಅಸಮಾಧಾನ ವ್ಯಕ್ತಪಡಿಸಿದರು.
ಕಾರ್ಯಕ್ರಮದಲ್ಲಿ ಸಂಘದ ಅಧ್ಯಕ್ಷರು, ನಿರ್ದೇಶಕರು, ತಾಲೂಕು ಮುಖಂಡರು, ಗ್ರಾಮಸ್ಥರು ಹಾಗೂ ಸದಸ್ಯರು ಹೆಚ್ಚಿನ ಸಂಖ್ಯೆಯಲ್ಲಿ ಭಾಗವಹಿಸಿದ್ದರು. ವಾರ್ಷಿಕ ವರದಿ ಮಂಡಿಸಿ ಲಾಭಾಂಶ ಘೋಷಿಸಲಾಯಿತು.
ತಾಲೂಕಿನ ವಿವಿಧ ಗ್ರಾಮಗಳಲ್ಲಿ ನಡೆದ ಕಾರ್ಯಕ್ರಮದಲ್ಲಿ ಗಣ್ಯರು, ಮುಖಂಡರು, ಪದಾಧಿಕಾರಿಗಳು ಉಪಸ್ಥಿತರಿದ್ದರು. ನಂತರ ನಡೆದ ಸಭೆಯಲ್ಲಿ ಹಲವು ನಿರ್ಣಯಗಳನ್ನು ಕೈಗೊಳ್ಳಲಾಯಿತು.
